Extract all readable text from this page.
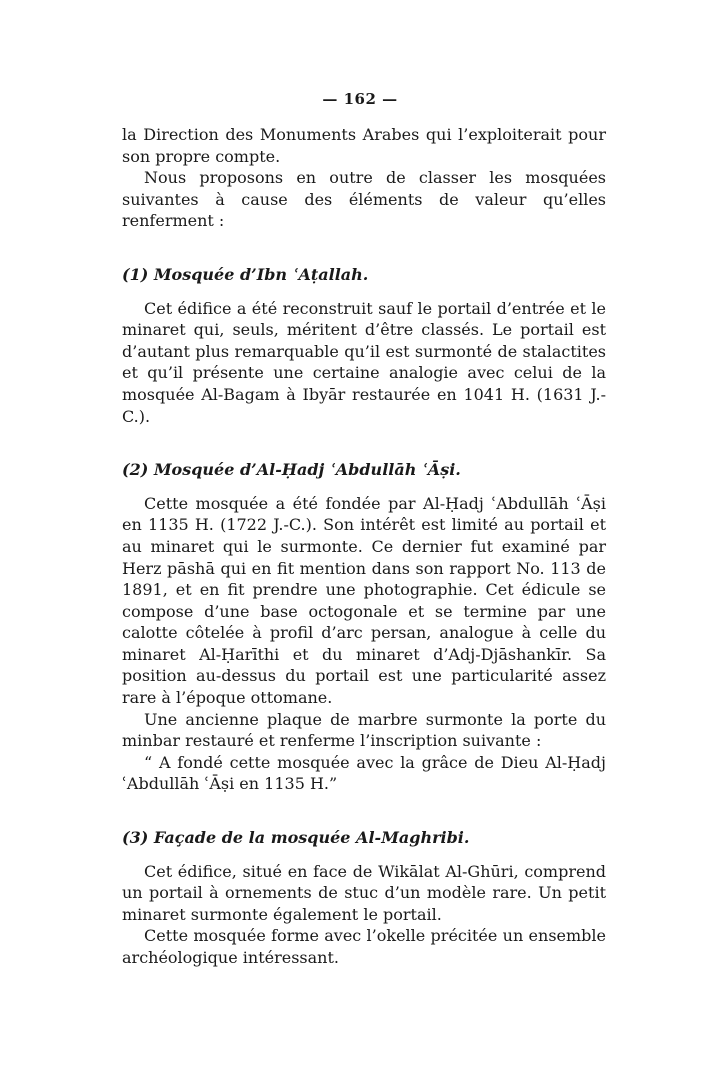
— 162 —

la Direction des Monuments Arabes qui l’exploiterait pour son propre compte.

Nous proposons en outre de classer les mosquées suivantes à cause des éléments de valeur qu’elles renferment :

(1) Mosquée d’Ibn ʿAṭallah.

Cet édifice a été reconstruit sauf le portail d’entrée et le minaret qui, seuls, méritent d’être classés. Le portail est d’autant plus remarquable qu’il est surmonté de stalactites et qu’il présente une certaine analogie avec celui de la mosquée Al-Bagam à Ibyār restaurée en 1041 H. (1631 J.-C.).

(2) Mosquée d’Al-Ḥadj ʿAbdullāh ʿĀṣi.

Cette mosquée a été fondée par Al-Ḥadj ʿAbdullāh ʿĀṣi en 1135 H. (1722 J.-C.). Son intérêt est limité au portail et au minaret qui le surmonte. Ce dernier fut examiné par Herz pāshā qui en fit mention dans son rapport No. 113 de 1891, et en fit prendre une photographie. Cet édicule se compose d’une base octogonale et se termine par une calotte côtelée à profil d’arc persan, analogue à celle du minaret Al-Ḥarīthi et du minaret d’Adj-Djāshankīr. Sa position au-dessus du portail est une particularité assez rare à l’époque ottomane.

Une ancienne plaque de marbre surmonte la porte du minbar restauré et renferme l’inscription suivante :

“ A fondé cette mosquée avec la grâce de Dieu Al-Ḥadj ʿAbdullāh ʿĀṣi en 1135 H.”

(3) Façade de la mosquée Al-Maghribi.

Cet édifice, situé en face de Wikālat Al-Ghūri, comprend un portail à ornements de stuc d’un modèle rare. Un petit minaret surmonte également le portail.

Cette mosquée forme avec l’okelle précitée un ensemble archéologique intéressant.
